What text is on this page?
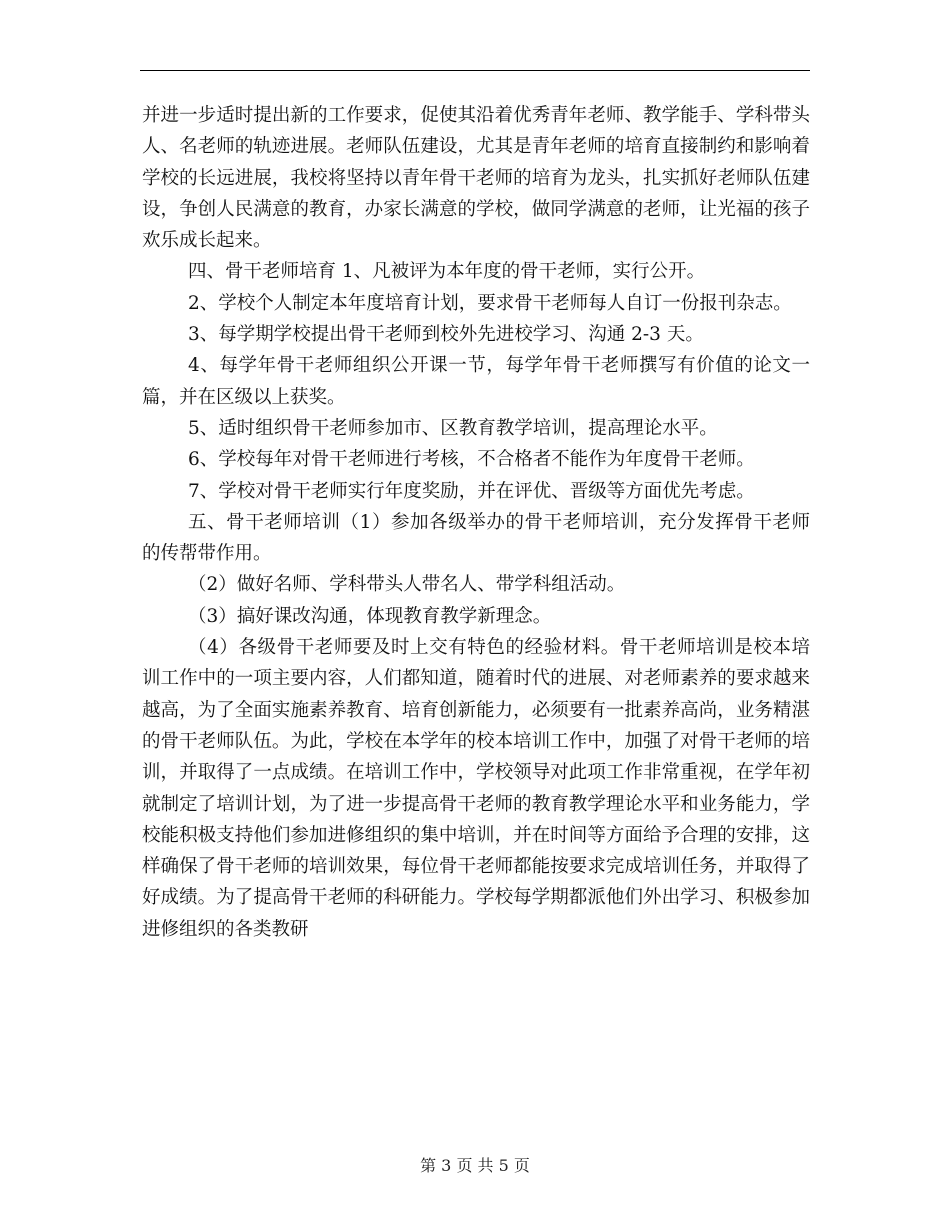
并进一步适时提出新的工作要求，促使其沿着优秀青年老师、教学能手、学科带头人、名老师的轨迹进展。老师队伍建设，尤其是青年老师的培育直接制约和影响着学校的长远进展，我校将坚持以青年骨干老师的培育为龙头，扎实抓好老师队伍建设，争创人民满意的教育，办家长满意的学校，做同学满意的老师，让光福的孩子欢乐成长起来。

四、骨干老师培育 1、凡被评为本年度的骨干老师，实行公开。

2、学校个人制定本年度培育计划，要求骨干老师每人自订一份报刊杂志。

3、每学期学校提出骨干老师到校外先进校学习、沟通 2-3 天。

4、每学年骨干老师组织公开课一节，每学年骨干老师撰写有价值的论文一篇，并在区级以上获奖。

5、适时组织骨干老师参加市、区教育教学培训，提高理论水平。

6、学校每年对骨干老师进行考核，不合格者不能作为年度骨干老师。

7、学校对骨干老师实行年度奖励，并在评优、晋级等方面优先考虑。

五、骨干老师培训（1）参加各级举办的骨干老师培训，充分发挥骨干老师的传帮带作用。

（2）做好名师、学科带头人带名人、带学科组活动。

（3）搞好课改沟通，体现教育教学新理念。

（4）各级骨干老师要及时上交有特色的经验材料。骨干老师培训是校本培训工作中的一项主要内容，人们都知道，随着时代的进展、对老师素养的要求越来越高，为了全面实施素养教育、培育创新能力，必须要有一批素养高尚，业务精湛的骨干老师队伍。为此，学校在本学年的校本培训工作中，加强了对骨干老师的培训，并取得了一点成绩。在培训工作中，学校领导对此项工作非常重视，在学年初就制定了培训计划，为了进一步提高骨干老师的教育教学理论水平和业务能力，学校能积极支持他们参加进修组织的集中培训，并在时间等方面给予合理的安排，这样确保了骨干老师的培训效果，每位骨干老师都能按要求完成培训任务，并取得了好成绩。为了提高骨干老师的科研能力。学校每学期都派他们外出学习、积极参加进修组织的各类教研

第 3 页 共 5 页
